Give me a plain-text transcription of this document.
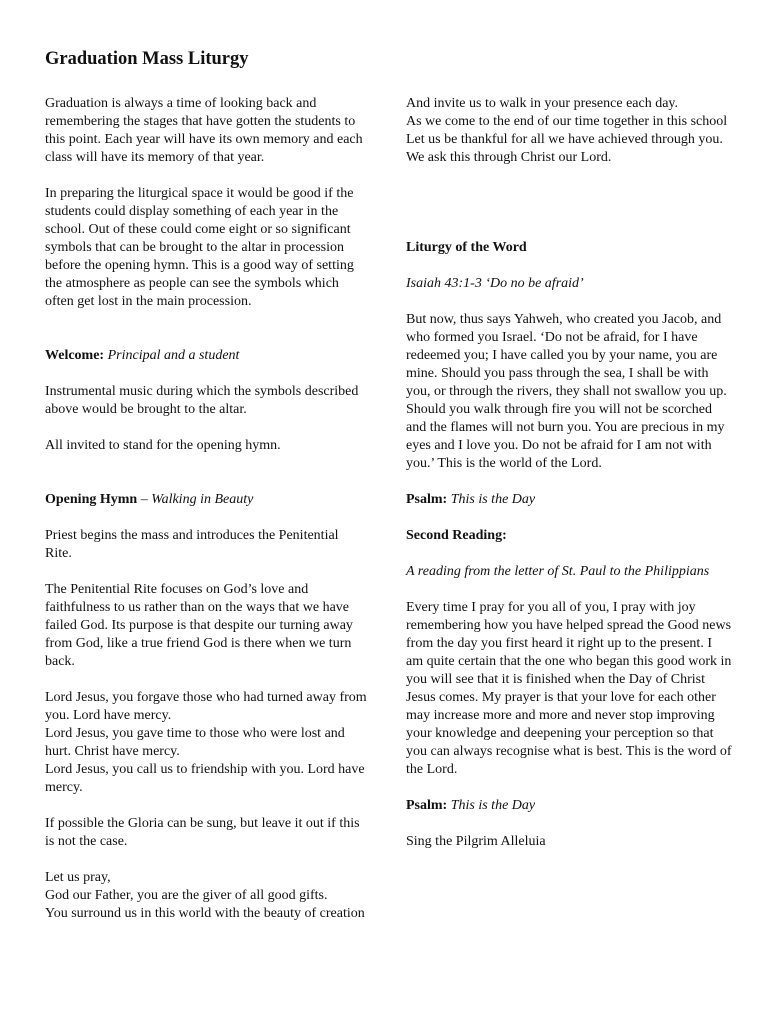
Graduation Mass Liturgy

Graduation is always a time of looking back and remembering the stages that have gotten the students to this point. Each year will have its own memory and each class will have its memory of that year.

In preparing the liturgical space it would be good if the students could display something of each year in the school. Out of these could come eight or so significant symbols that can be brought to the altar in procession before the opening hymn. This is a good way of setting the atmosphere as people can see the symbols which often get lost in the main procession.

Welcome: Principal and a student

Instrumental music during which the symbols described above would be brought to the altar.

All invited to stand for the opening hymn.

Opening Hymn – Walking in Beauty

Priest begins the mass and introduces the Penitential Rite.

The Penitential Rite focuses on God’s love and faithfulness to us rather than on the ways that we have failed God. Its purpose is that despite our turning away from God, like a true friend God is there when we turn back.

Lord Jesus, you forgave those who had turned away from you. Lord have mercy.

Lord Jesus, you gave time to those who were lost and hurt. Christ have mercy.

Lord Jesus, you call us to friendship with you. Lord have mercy.

If possible the Gloria can be sung, but leave it out if this is not the case.

Let us pray,

God our Father, you are the giver of all good gifts.

You surround us in this world with the beauty of creation

And invite us to walk in your presence each day.

As we come to the end of our time together in this school

Let us be thankful for all we have achieved through you.

We ask this through Christ our Lord.

Liturgy of the Word

Isaiah 43:1-3 ‘Do no be afraid’

But now, thus says Yahweh, who created you Jacob, and who formed you Israel. ‘Do not be afraid, for I have redeemed you; I have called you by your name, you are mine. Should you pass through the sea, I shall be with you, or through the rivers, they shall not swallow you up. Should you walk through fire you will not be scorched and the flames will not burn you. You are precious in my eyes and I love you. Do not be afraid for I am not with you.’ This is the world of the Lord.

Psalm: This is the Day

Second Reading:

A reading from the letter of St. Paul to the Philippians

Every time I pray for you all of you, I pray with joy remembering how you have helped spread the Good news from the day you first heard it right up to the present. I am quite certain that the one who began this good work in you will see that it is finished when the Day of Christ Jesus comes. My prayer is that your love for each other may increase more and more and never stop improving your knowledge and deepening your perception so that you can always recognise what is best. This is the word of the Lord.

Psalm: This is the Day

Sing the Pilgrim Alleluia
